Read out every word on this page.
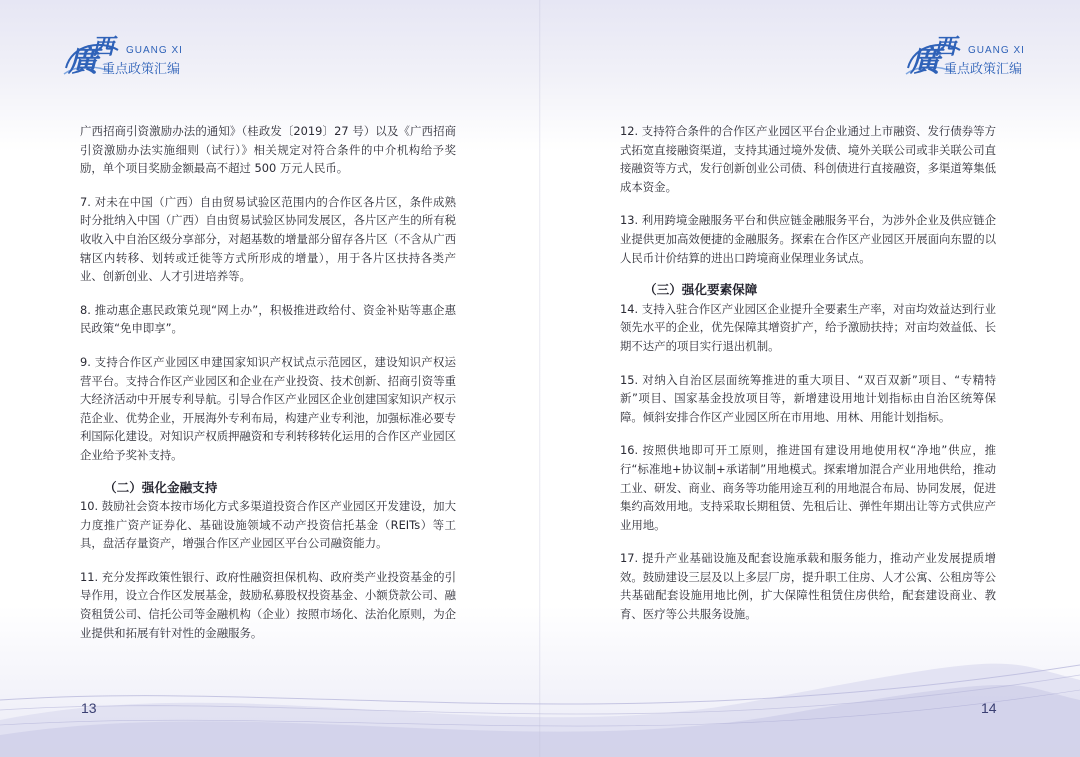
廣
西 GUANG XI
重点政策汇编	廣
西 GUANG XI
重点政策汇编

广西招商引资激励办法的通知》（桂政发〔2019〕27 号）以及《广西招商引资激励办法实施细则（试行）》相关规定对符合条件的中介机构给予奖励，单个项目奖励金额最高不超过 500 万元人民币。

7. 对未在中国（广西）自由贸易试验区范围内的合作区各片区，条件成熟时分批纳入中国（广西）自由贸易试验区协同发展区，各片区产生的所有税收收入中自治区级分享部分，对超基数的增量部分留存各片区（不含从广西辖区内转移、划转或迁徙等方式所形成的增量），用于各片区扶持各类产业、创新创业、人才引进培养等。

8. 推动惠企惠民政策兑现“网上办”，积极推进政给付、资金补贴等惠企惠民政策“免申即享”。

9. 支持合作区产业园区申建国家知识产权试点示范园区，建设知识产权运营平台。支持合作区产业园区和企业在产业投资、技术创新、招商引资等重大经济活动中开展专利导航。引导合作区产业园区企业创建国家知识产权示范企业、优势企业，开展海外专利布局，构建产业专利池，加强标准必要专利国际化建设。对知识产权质押融资和专利转移转化运用的合作区产业园区企业给予奖补支持。

（二）强化金融支持

10. 鼓励社会资本按市场化方式多渠道投资合作区产业园区开发建设，加大力度推广资产证券化、基础设施领域不动产投资信托基金（REITs）等工具，盘活存量资产，增强合作区产业园区平台公司融资能力。

11. 充分发挥政策性银行、政府性融资担保机构、政府类产业投资基金的引导作用，设立合作区发展基金，鼓励私募股权投资基金、小额贷款公司、融资租赁公司、信托公司等金融机构（企业）按照市场化、法治化原则，为企业提供和拓展有针对性的金融服务。

12. 支持符合条件的合作区产业园区平台企业通过上市融资、发行债券等方式拓宽直接融资渠道，支持其通过境外发债、境外关联公司或非关联公司直接融资等方式，发行创新创业公司债、科创债进行直接融资，多渠道筹集低成本资金。

13. 利用跨境金融服务平台和供应链金融服务平台，为涉外企业及供应链企业提供更加高效便捷的金融服务。探索在合作区产业园区开展面向东盟的以人民币计价结算的进出口跨境商业保理业务试点。

（三）强化要素保障

14. 支持入驻合作区产业园区企业提升全要素生产率，对亩均效益达到行业领先水平的企业，优先保障其增资扩产，给予激励扶持；对亩均效益低、长期不达产的项目实行退出机制。

15. 对纳入自治区层面统筹推进的重大项目、“双百双新”项目、“专精特新”项目、国家基金投放项目等，新增建设用地计划指标由自治区统筹保障。倾斜安排合作区产业园区所在市用地、用林、用能计划指标。

16. 按照供地即可开工原则，推进国有建设用地使用权“净地”供应，推行“标准地+协议制+承诺制”用地模式。探索增加混合产业用地供给，推动工业、研发、商业、商务等功能用途互利的用地混合布局、协同发展，促进集约高效用地。支持采取长期租赁、先租后让、弹性年期出让等方式供应产业用地。

17. 提升产业基础设施及配套设施承载和服务能力，推动产业发展提质增效。鼓励建设三层及以上多层厂房，提升职工住房、人才公寓、公租房等公共基础配套设施用地比例，扩大保障性租赁住房供给，配套建设商业、教育、医疗等公共服务设施。

13	14
